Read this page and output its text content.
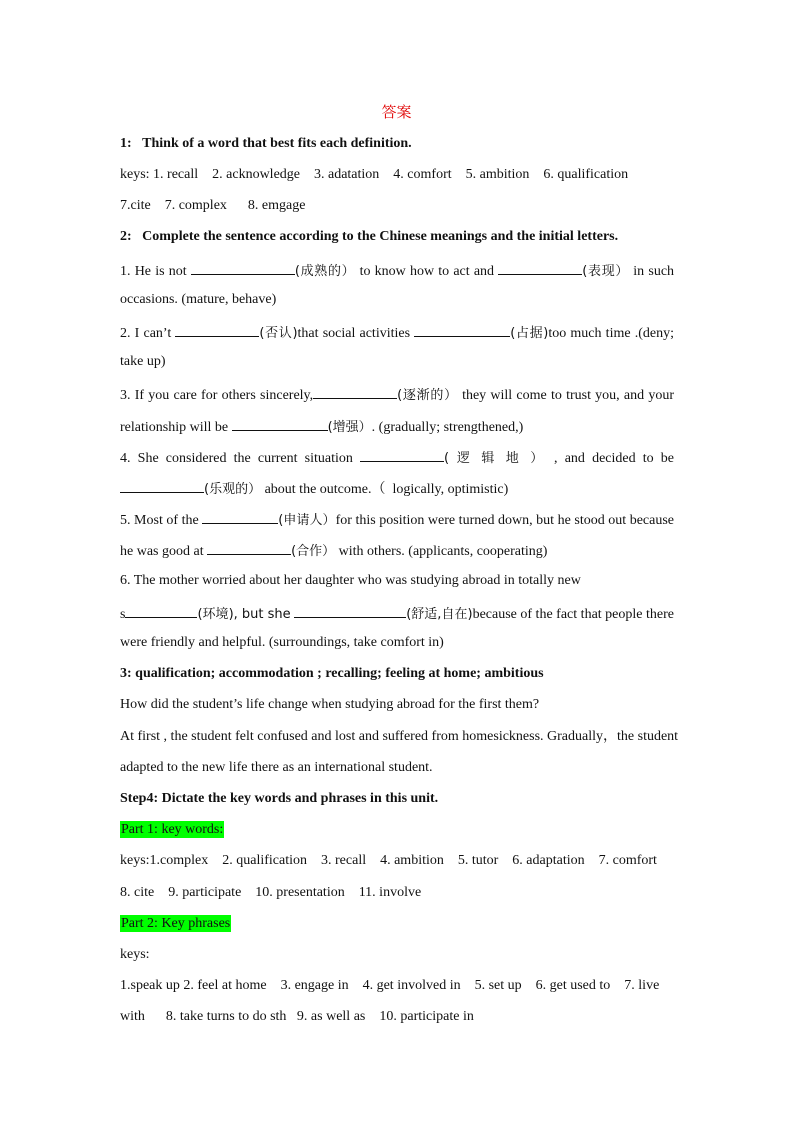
答案
1:   Think of a word that best fits each definition.
keys: 1. recall    2. acknowledge    3. adatation    4. comfort    5. ambition    6. qualification
7.cite    7. complex      8. emgage
2:   Complete the sentence according to the Chinese meanings and the initial letters.
1. He is not	(成熟的） to know how to act and	(表现） in such
occasions. (mature, behave)
2. I can’t	(否认)that social activities	(占据)too much time .(deny;
take up)
3. If you care for others sincerely,	(逐渐的） they will come to trust you, and your
relationship will be	(增强）. (gradually; strengthened,)
4. She considered the current situation	( 逻 辑 地 ） , and decided to be
(乐观的） about the outcome.（  logically, optimistic)
5. Most of the	(申请人）for this position were turned down, but he stood out because
he was good at	(合作） with others. (applicants, cooperating)
6. The mother worried about her daughter who was studying abroad in totally new
s	(环境), but she	(舒适,自在)because of the fact that people there
were friendly and helpful. (surroundings, take comfort in)
3: qualification; accommodation ; recalling; feeling at home; ambitious
How did the student’s life change when studying abroad for the first them?
At first , the student felt confused and lost and suffered from homesickness. Gradually，the student
adapted to the new life there as an international student.
Step4: Dictate the key words and phrases in this unit.
Part 1: key words:
keys:1.complex    2. qualification    3. recall    4. ambition    5. tutor    6. adaptation    7. comfort
8. cite    9. participate    10. presentation    11. involve
Part 2: Key phrases
keys:
1.speak up 2. feel at home    3. engage in    4. get involved in    5. set up    6. get used to    7. live
with      8. take turns to do sth   9. as well as    10. participate in
